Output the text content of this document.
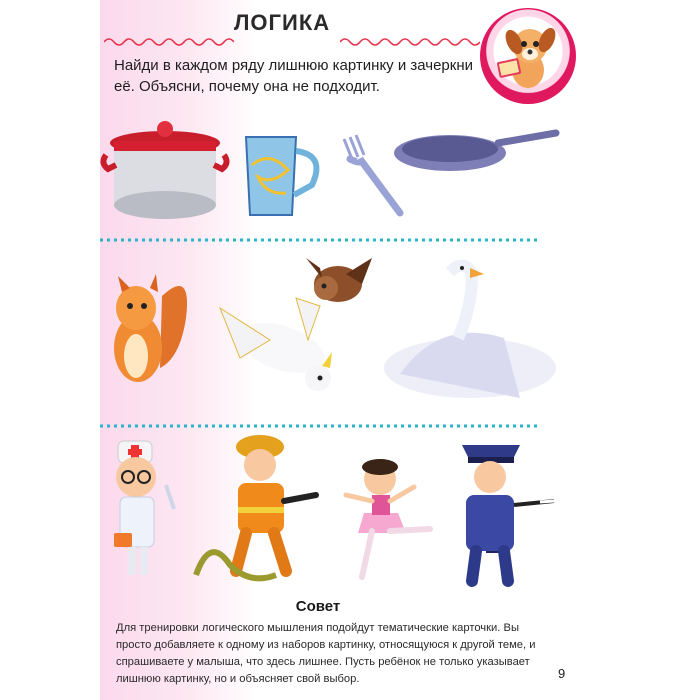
ЛОГИКА
Найди в каждом ряду лишнюю картинку и зачеркни её. Объясни, почему она не подходит.
Совет
Для тренировки логического мышления подойдут тематические карточки. Вы просто добавляете к одному из наборов картинку, относящуюся к другой теме, и спрашиваете у малыша, что здесь лишнее. Пусть ребёнок не только указывает лишнюю картинку, но и объясняет свой выбор.	9
